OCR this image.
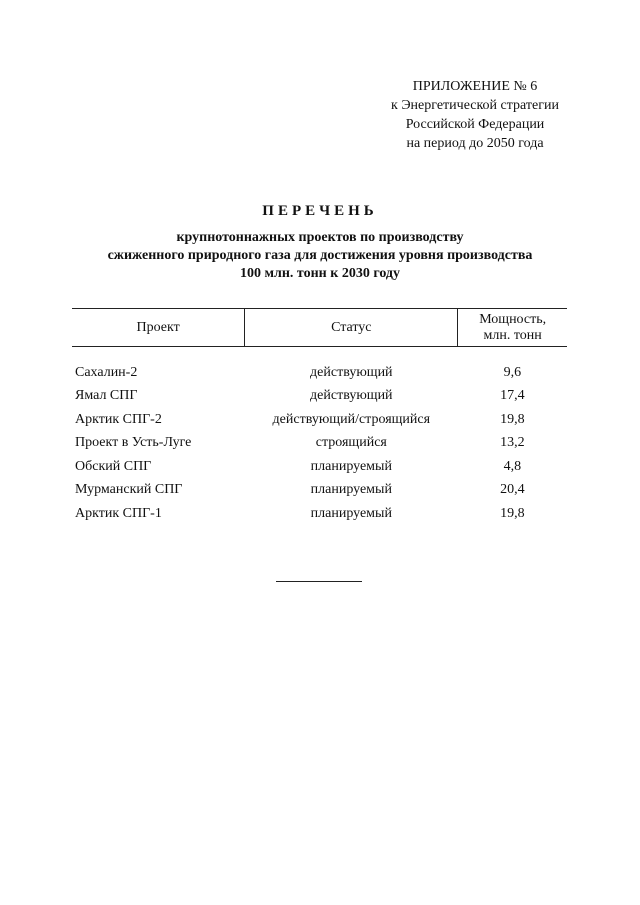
ПРИЛОЖЕНИЕ № 6
к Энергетической стратегии
Российской Федерации
на период до 2050 года
ПЕРЕЧЕНЬ
крупнотоннажных проектов по производству
сжиженного природного газа для достижения уровня производства
100 млн. тонн к 2030 году
Проект	Статус	Мощность,
млн. тонн

Сахалин-2	действующий	9,6
Ямал СПГ	действующий	17,4
Арктик СПГ-2	действующий/строящийся	19,8
Проект в Усть-Луге	строящийся	13,2
Обский СПГ	планируемый	4,8
Мурманский СПГ	планируемый	20,4
Арктик СПГ-1	планируемый	19,8
